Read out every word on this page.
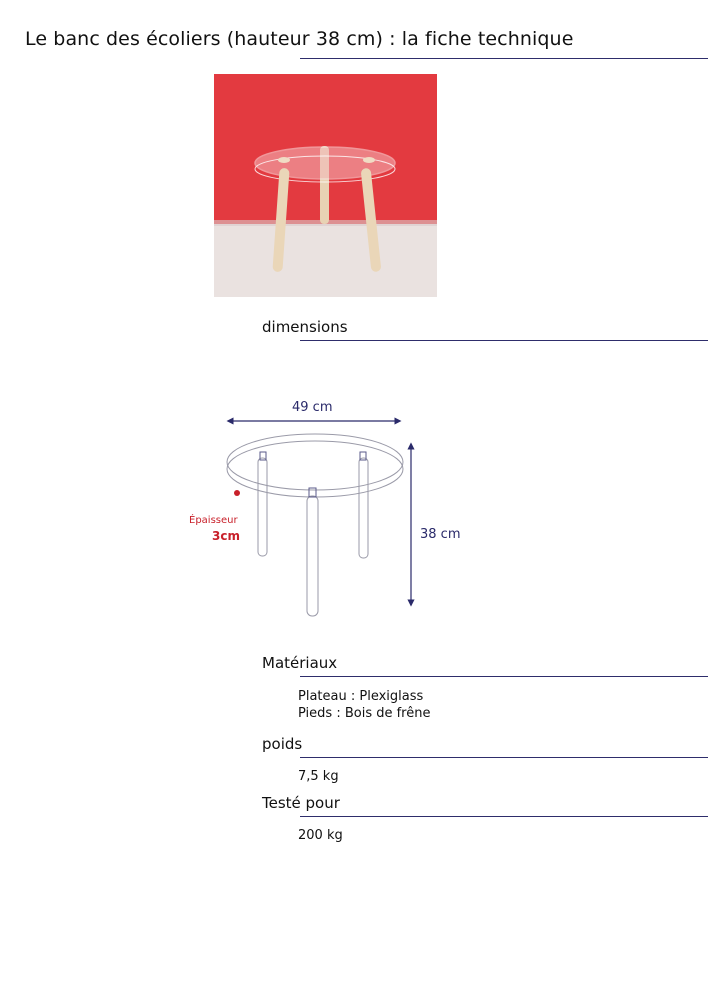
Le banc des écoliers (hauteur 38 cm) : la fiche technique
dimensions
49 cm
38 cm
Épaisseur
3cm
Matériaux
Plateau : Plexiglass
Pieds : Bois de frêne
poids
7,5 kg
Testé pour
200 kg
